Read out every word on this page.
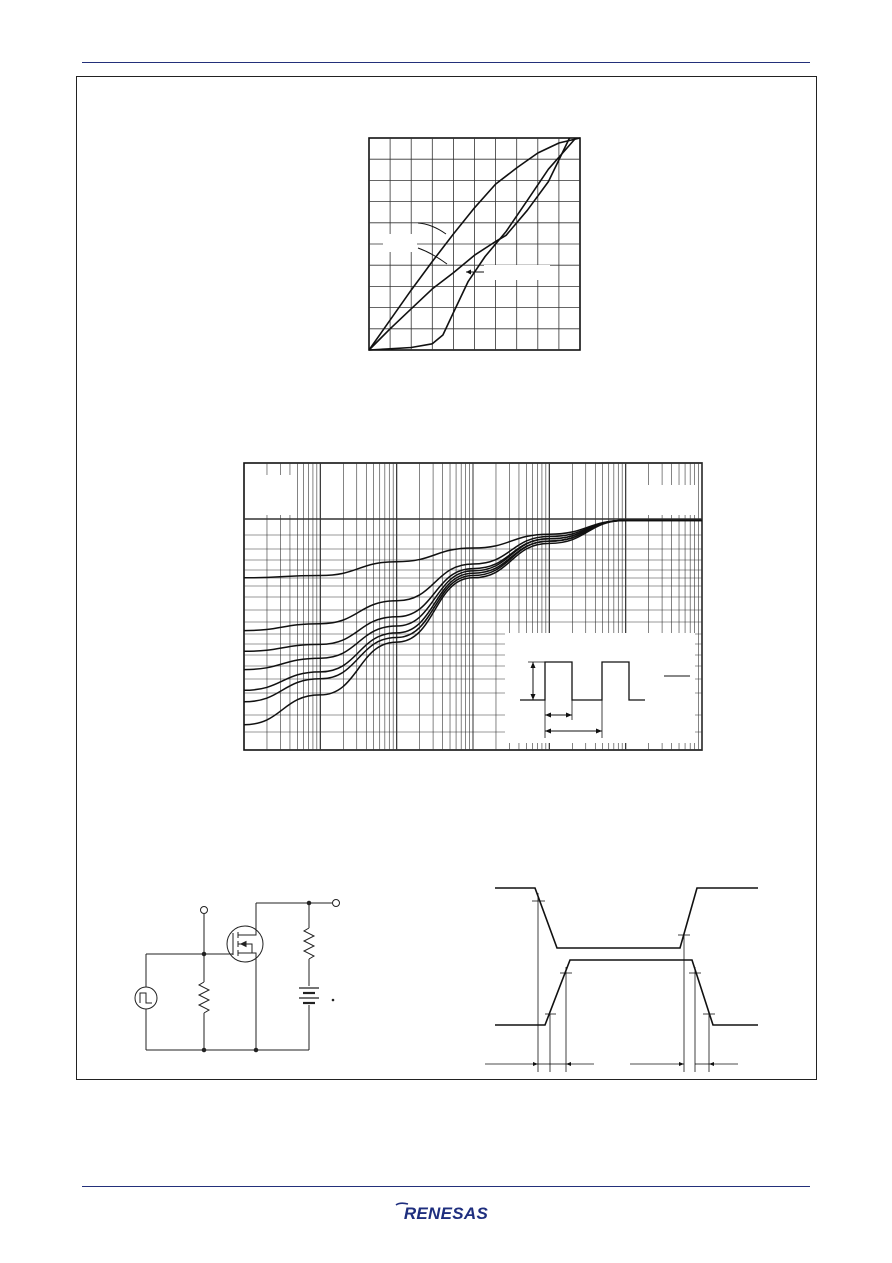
RENESAS
